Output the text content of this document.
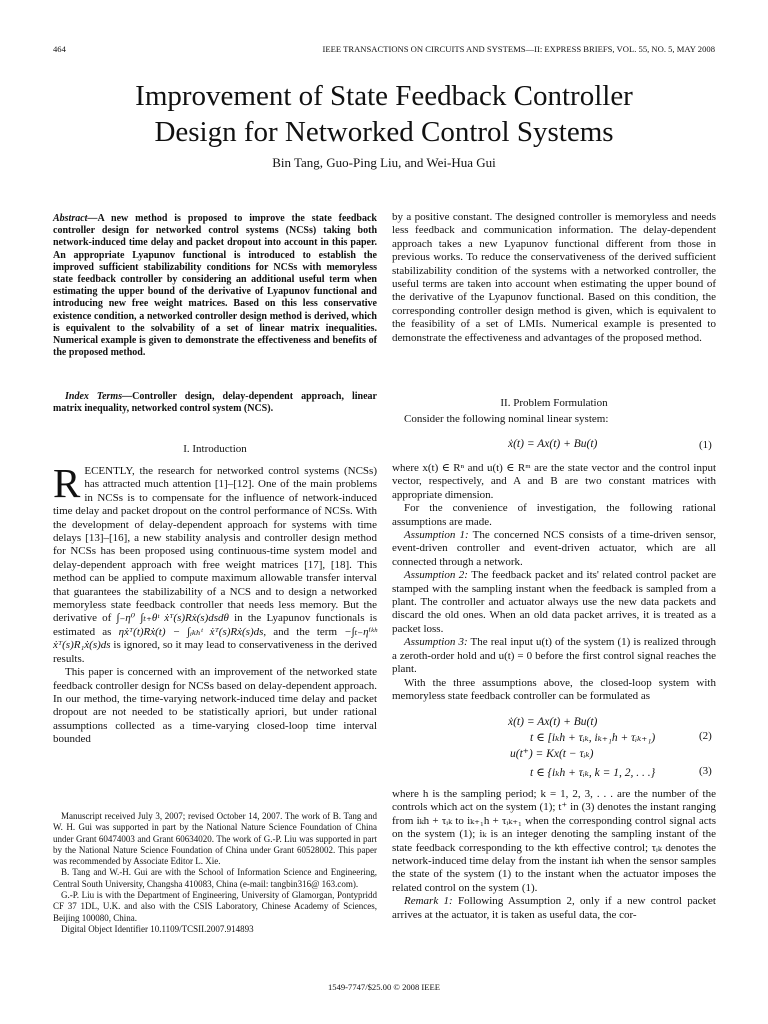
464	IEEE TRANSACTIONS ON CIRCUITS AND SYSTEMS—II: EXPRESS BRIEFS, VOL. 55, NO. 5, MAY 2008
Improvement of State Feedback Controller
Design for Networked Control Systems
Bin Tang, Guo-Ping Liu, and Wei-Hua Gui

Abstract—A new method is proposed to improve the state feedback controller design for networked control systems (NCSs) taking both network-induced time delay and packet dropout into account in this paper. An appropriate Lyapunov functional is introduced to establish the improved sufficient stabilizability conditions for NCSs with memoryless state feedback controller by considering an additional useful term when estimating the upper bound of the derivative of Lyapunov functional and introducing new free weight matrices. Based on this less conservative existence condition, a networked controller design method is derived, which is equivalent to the solvability of a set of linear matrix inequalities. Numerical example is given to demonstrate the effectiveness and benefits of the proposed method.

Index Terms—Controller design, delay-dependent approach, linear matrix inequality, networked control system (NCS).

I. Introduction

RECENTLY, the research for networked control systems (NCSs) has attracted much attention [1]–[12]. One of the main problems in NCSs is to compensate for the influence of network-induced time delay and packet dropout on the control performance of NCSs. With the development of delay-dependent approach for systems with time delays [13]–[16], a new stability analysis and controller design method for NCSs has been proposed using continuous-time system model and delay-dependent approach with free weight matrices [17], [18]. This method can be applied to compute maximum allowable transfer interval that guarantees the stabilizability of a NCS and to design a networked memoryless state feedback controller that needs less memory. But the derivative of ∫₋η⁰ ∫ₜ₊θᵗ ẋᵀ(s)Rẋ(s)dsdθ in the Lyapunov functionals is estimated as ηẋᵀ(t)Rẋ(t) − ∫ᵢₖₕᵗ ẋᵀ(s)Rẋ(s)ds, and the term −∫ₜ₋ηⁱᵏʰ ẋᵀ(s)R₁ẋ(s)ds is ignored, so it may lead to conservativeness in the derived results.

This paper is concerned with an improvement of the networked state feedback controller design for NCSs based on delay-dependent approach. In our method, the time-varying network-induced time delay and packet dropout are not needed to be statistically apriori, but under rational assumptions collected as a time-varying closed-loop time interval bounded

Manuscript received July 3, 2007; revised October 14, 2007. The work of B. Tang and W. H. Gui was supported in part by the National Nature Science Foundation of China under Grant 60474003 and Grant 60634020. The work of G.-P. Liu was supported in part by the National Nature Science Foundation of China under Grant 60528002. This paper was recommended by Associate Editor L. Xie.

B. Tang and W.-H. Gui are with the School of Information Science and Engineering, Central South University, Changsha 410083, China (e-mail: tangbin316@ 163.com).

G.-P. Liu is with the Department of Engineering, University of Glamorgan, Pontypridd CF 37 1DL, U.K. and also with the CSIS Laboratory, Chinese Academy of Sciences, Beijing 100080, China.

Digital Object Identifier 10.1109/TCSII.2007.914893

by a positive constant. The designed controller is memoryless and needs less feedback and communication information. The delay-dependent approach takes a new Lyapunov functional different from those in previous works. To reduce the conservativeness of the derived sufficient stabilizability condition of the systems with a networked controller, the useful terms are taken into account when estimating the upper bound of the derivative of the Lyapunov functional. Based on this condition, the corresponding controller design method is given, which is equivalent to the feasibility of a set of LMIs. Numerical example is presented to demonstrate the effectiveness and advantages of the proposed method.

II. Problem Formulation

Consider the following nominal linear system:

ẋ(t) = Ax(t) + Bu(t)	(1)

where x(t) ∈ Rⁿ and u(t) ∈ Rᵐ are the state vector and the control input vector, respectively, and A and B are two constant matrices with appropriate dimension.

For the convenience of investigation, the following rational assumptions are made.

Assumption 1: The concerned NCS consists of a time-driven sensor, event-driven controller and event-driven actuator, which are all connected through a network.

Assumption 2: The feedback packet and its' related control packet are stamped with the sampling instant when the feedback is sampled from a plant. The controller and actuator always use the new data packets and discard the old ones. When an old data packet arrives, it is treated as a packet loss.

Assumption 3: The real input u(t) of the system (1) is realized through a zeroth-order hold and u(t) = 0 before the first control signal reaches the plant.

With the three assumptions above, the closed-loop system with memoryless state feedback controller can be formulated as

ẋ(t) = Ax(t) + Bu(t)
t ∈ [iₖh + τᵢₖ, iₖ₊₁h + τᵢₖ₊₁)	(2)
u(t⁺) = Kx(t − τᵢₖ)
t ∈ {iₖh + τᵢₖ, k = 1, 2, . . .}	(3)

where h is the sampling period; k = 1, 2, 3, . . . are the number of the controls which act on the system (1); t⁺ in (3) denotes the instant ranging from iₖh + τᵢₖ to iₖ₊₁h + τᵢₖ₊₁ when the corresponding control signal acts on the system (1); iₖ is an integer denoting the sampling instant of the state feedback corresponding to the kth effective control; τᵢₖ denotes the network-induced time delay from the instant iₖh when the sensor samples the state of the system (1) to the instant when the actuator imposes the related control on the system (1).

Remark 1: Following Assumption 2, only if a new control packet arrives at the actuator, it is taken as useful data, the cor-

1549-7747/$25.00 © 2008 IEEE
